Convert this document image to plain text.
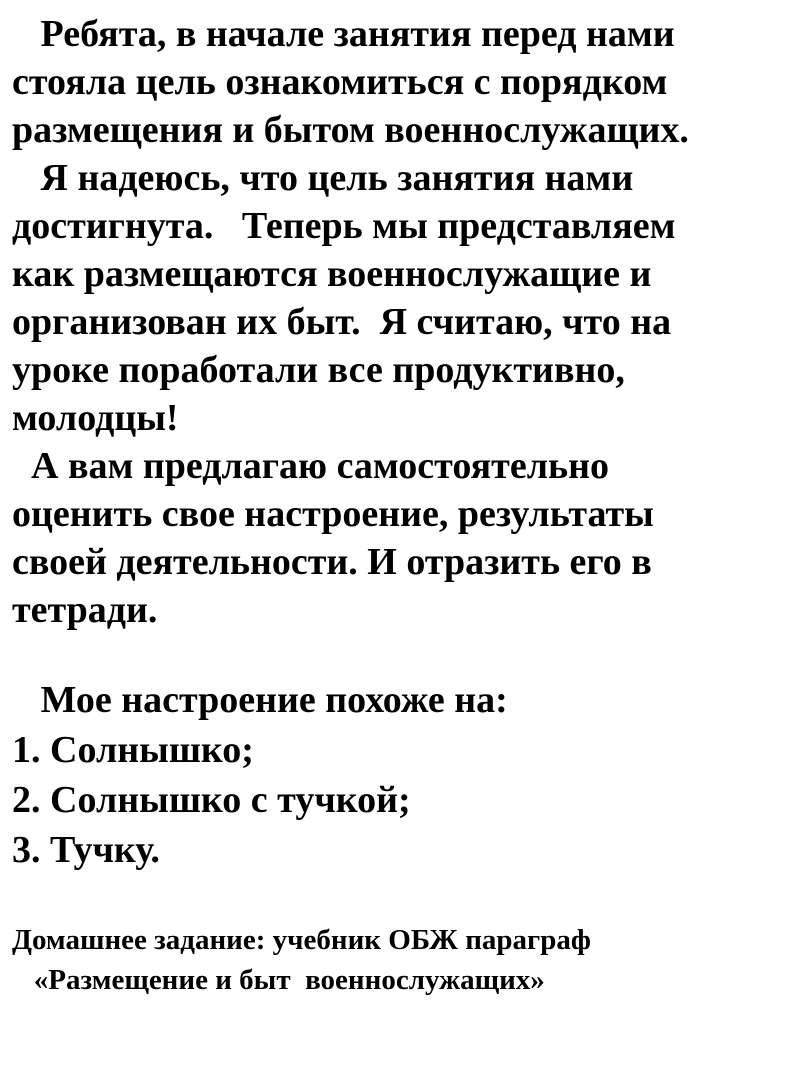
Ребята, в начале занятия перед нами

стояла цель ознакомиться с порядком

размещения и бытом военнослужащих.

Я надеюсь, что цель занятия нами

достигнута.   Теперь мы представляем

как размещаются военнослужащие и

организован их быт.  Я считаю, что на

уроке поработали все продуктивно,

молодцы!

А вам предлагаю самостоятельно

оценить свое настроение, результаты

своей деятельности. И отразить его в

тетради.

Мое настроение похоже на:

1. Солнышко;

2. Солнышко с тучкой;

3. Тучку.

Домашнее задание: учебник ОБЖ параграф

«Размещение и быт  военнослужащих»
